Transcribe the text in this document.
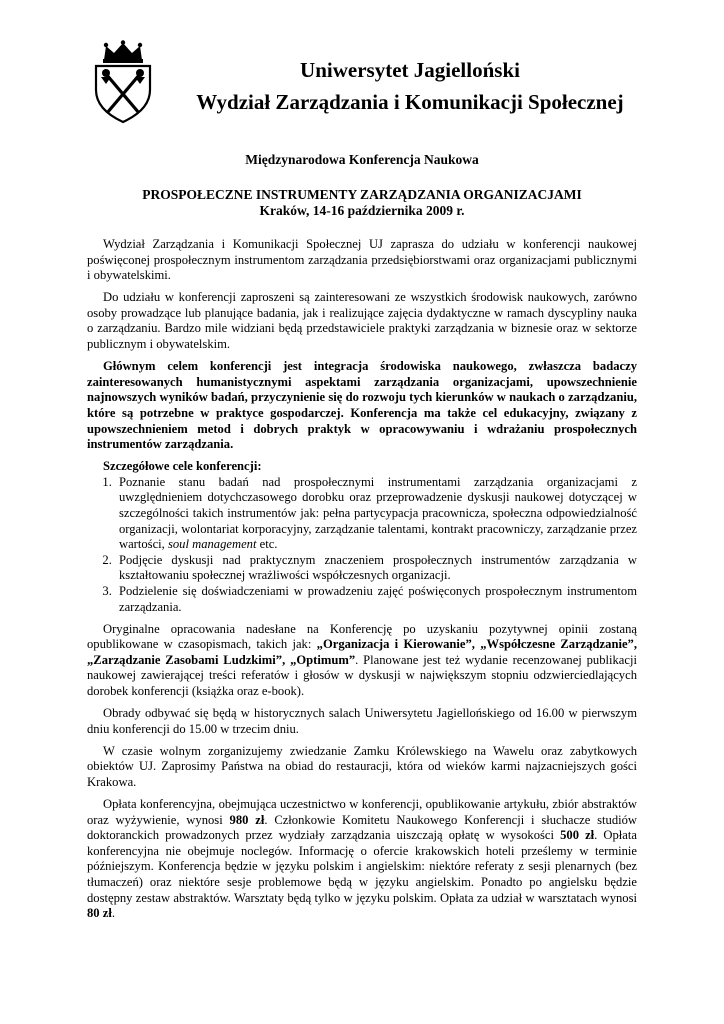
Uniwersytet Jagielloński
Wydział Zarządzania i Komunikacji Społecznej
Międzynarodowa Konferencja Naukowa
PROSPOŁECZNE INSTRUMENTY ZARZĄDZANIA ORGANIZACJAMI
Kraków, 14-16 października 2009 r.

Wydział Zarządzania i Komunikacji Społecznej UJ zaprasza do udziału w konferencji naukowej poświęconej prospołecznym instrumentom zarządzania przedsiębiorstwami oraz organizacjami publicznymi i obywatelskimi.

Do udziału w konferencji zaproszeni są zainteresowani ze wszystkich środowisk naukowych, zarówno osoby prowadzące lub planujące badania, jak i realizujące zajęcia dydaktyczne w ramach dyscypliny nauka o zarządzaniu. Bardzo mile widziani będą przedstawiciele praktyki zarządzania w biznesie oraz w sektorze publicznym i obywatelskim.

Głównym celem konferencji jest integracja środowiska naukowego, zwłaszcza badaczy zainteresowanych humanistycznymi aspektami zarządzania organizacjami, upowszechnienie najnowszych wyników badań, przyczynienie się do rozwoju tych kierunków w naukach o zarządzaniu, które są potrzebne w praktyce gospodarczej. Konferencja ma także cel edukacyjny, związany z upowszechnieniem metod i dobrych praktyk w opracowywaniu i wdrażaniu prospołecznych instrumentów zarządzania.

Szczegółowe cele konferencji:
1. Poznanie stanu badań nad prospołecznymi instrumentami zarządzania organizacjami z uwzględnieniem dotychczasowego dorobku oraz przeprowadzenie dyskusji naukowej dotyczącej w szczególności takich instrumentów jak: pełna partycypacja pracownicza, społeczna odpowiedzialność organizacji, wolontariat korporacyjny, zarządzanie talentami, kontrakt pracowniczy, zarządzanie przez wartości, soul management etc.
2. Podjęcie dyskusji nad praktycznym znaczeniem prospołecznych instrumentów zarządzania w kształtowaniu społecznej wrażliwości współczesnych organizacji.
3. Podzielenie się doświadczeniami w prowadzeniu zajęć poświęconych prospołecznym instrumentom zarządzania.

Oryginalne opracowania nadesłane na Konferencję po uzyskaniu pozytywnej opinii zostaną opublikowane w czasopismach, takich jak: „Organizacja i Kierowanie”, „Współczesne Zarządzanie”, „Zarządzanie Zasobami Ludzkimi”, „Optimum”. Planowane jest też wydanie recenzowanej publikacji naukowej zawierającej treści referatów i głosów w dyskusji w największym stopniu odzwierciedlających dorobek konferencji (książka oraz e-book).

Obrady odbywać się będą w historycznych salach Uniwersytetu Jagiellońskiego od 16.00 w pierwszym dniu konferencji do 15.00 w trzecim dniu.

W czasie wolnym zorganizujemy zwiedzanie Zamku Królewskiego na Wawelu oraz zabytkowych obiektów UJ. Zaprosimy Państwa na obiad do restauracji, która od wieków karmi najzacniejszych gości Krakowa.

Opłata konferencyjna, obejmująca uczestnictwo w konferencji, opublikowanie artykułu, zbiór abstraktów oraz wyżywienie, wynosi 980 zł. Członkowie Komitetu Naukowego Konferencji i słuchacze studiów doktoranckich prowadzonych przez wydziały zarządzania uiszczają opłatę w wysokości 500 zł. Opłata konferencyjna nie obejmuje noclegów. Informację o ofercie krakowskich hoteli prześlemy w terminie późniejszym. Konferencja będzie w języku polskim i angielskim: niektóre referaty z sesji plenarnych (bez tłumaczeń) oraz niektóre sesje problemowe będą w języku angielskim. Ponadto po angielsku będzie dostępny zestaw abstraktów. Warsztaty będą tylko w języku polskim. Opłata za udział w warsztatach wynosi 80 zł.
